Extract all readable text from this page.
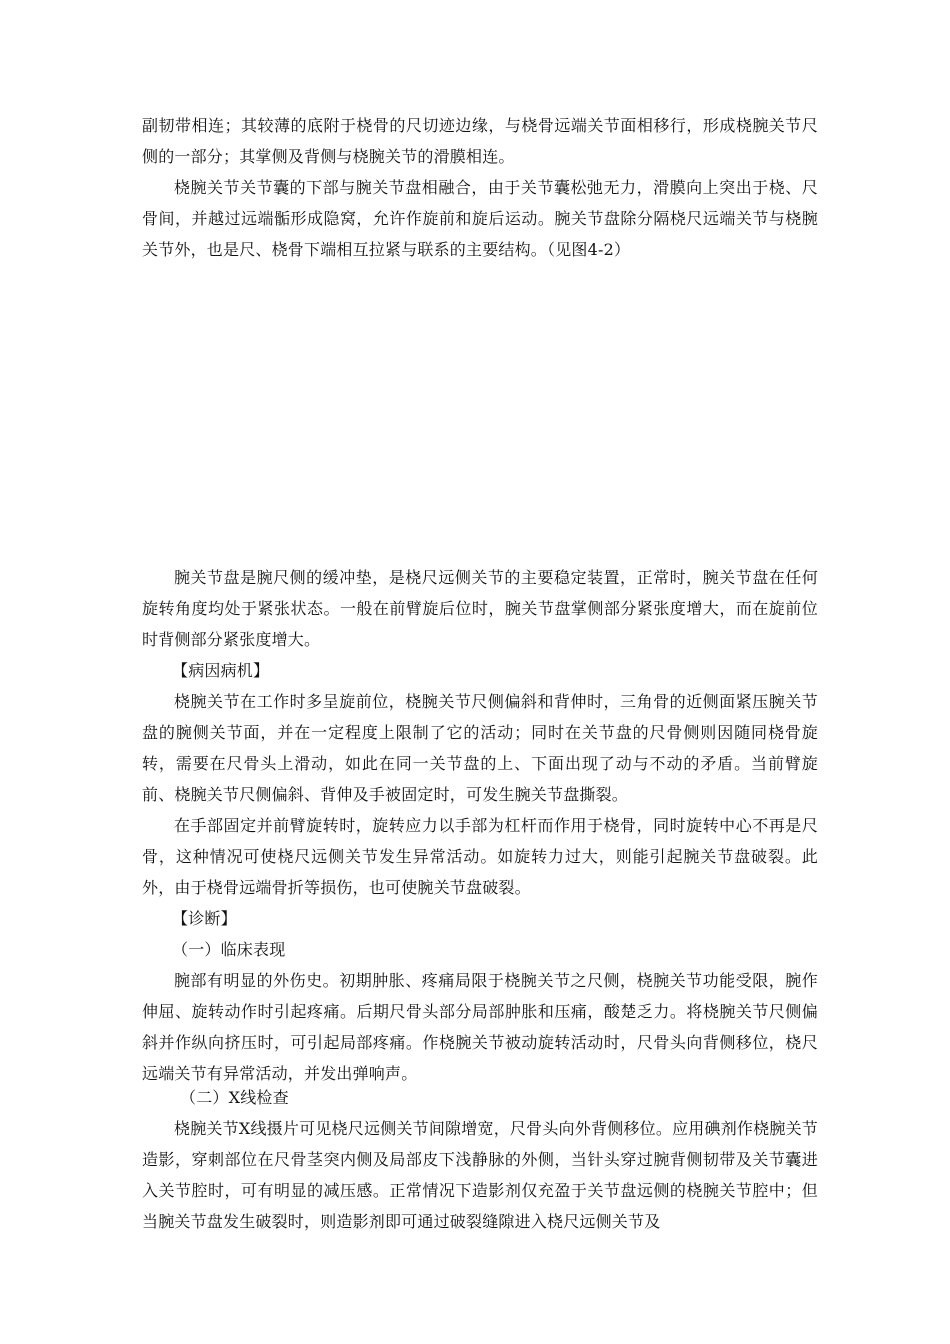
副韧带相连；其较薄的底附于桡骨的尺切迹边缘，与桡骨远端关节面相移行，形成桡腕关节尺侧的一部分；其掌侧及背侧与桡腕关节的滑膜相连。

桡腕关节关节囊的下部与腕关节盘相融合，由于关节囊松弛无力，滑膜向上突出于桡、尺骨间，并越过远端骺形成隐窝，允许作旋前和旋后运动。腕关节盘除分隔桡尺远端关节与桡腕关节外，也是尺、桡骨下端相互拉紧与联系的主要结构。（见图4-2）

腕关节盘是腕尺侧的缓冲垫，是桡尺远侧关节的主要稳定装置，正常时，腕关节盘在任何旋转角度均处于紧张状态。一般在前臂旋后位时，腕关节盘掌侧部分紧张度增大，而在旋前位时背侧部分紧张度增大。

【病因病机】

桡腕关节在工作时多呈旋前位，桡腕关节尺侧偏斜和背伸时，三角骨的近侧面紧压腕关节盘的腕侧关节面，并在一定程度上限制了它的活动；同时在关节盘的尺骨侧则因随同桡骨旋转，需要在尺骨头上滑动，如此在同一关节盘的上、下面出现了动与不动的矛盾。当前臂旋前、桡腕关节尺侧偏斜、背伸及手被固定时，可发生腕关节盘撕裂。

在手部固定并前臂旋转时，旋转应力以手部为杠杆而作用于桡骨，同时旋转中心不再是尺骨，这种情况可使桡尺远侧关节发生异常活动。如旋转力过大，则能引起腕关节盘破裂。此外，由于桡骨远端骨折等损伤，也可使腕关节盘破裂。

【诊断】

（一）临床表现

腕部有明显的外伤史。初期肿胀、疼痛局限于桡腕关节之尺侧，桡腕关节功能受限，腕作伸屈、旋转动作时引起疼痛。后期尺骨头部分局部肿胀和压痛，酸楚乏力。将桡腕关节尺侧偏斜并作纵向挤压时，可引起局部疼痛。作桡腕关节被动旋转活动时，尺骨头向背侧移位，桡尺远端关节有异常活动，并发出弹响声。

（二）X线检查

桡腕关节X线摄片可见桡尺远侧关节间隙增宽，尺骨头向外背侧移位。应用碘剂作桡腕关节造影，穿刺部位在尺骨茎突内侧及局部皮下浅静脉的外侧，当针头穿过腕背侧韧带及关节囊进入关节腔时，可有明显的减压感。正常情况下造影剂仅充盈于关节盘远侧的桡腕关节腔中；但当腕关节盘发生破裂时，则造影剂即可通过破裂缝隙进入桡尺远侧关节及
